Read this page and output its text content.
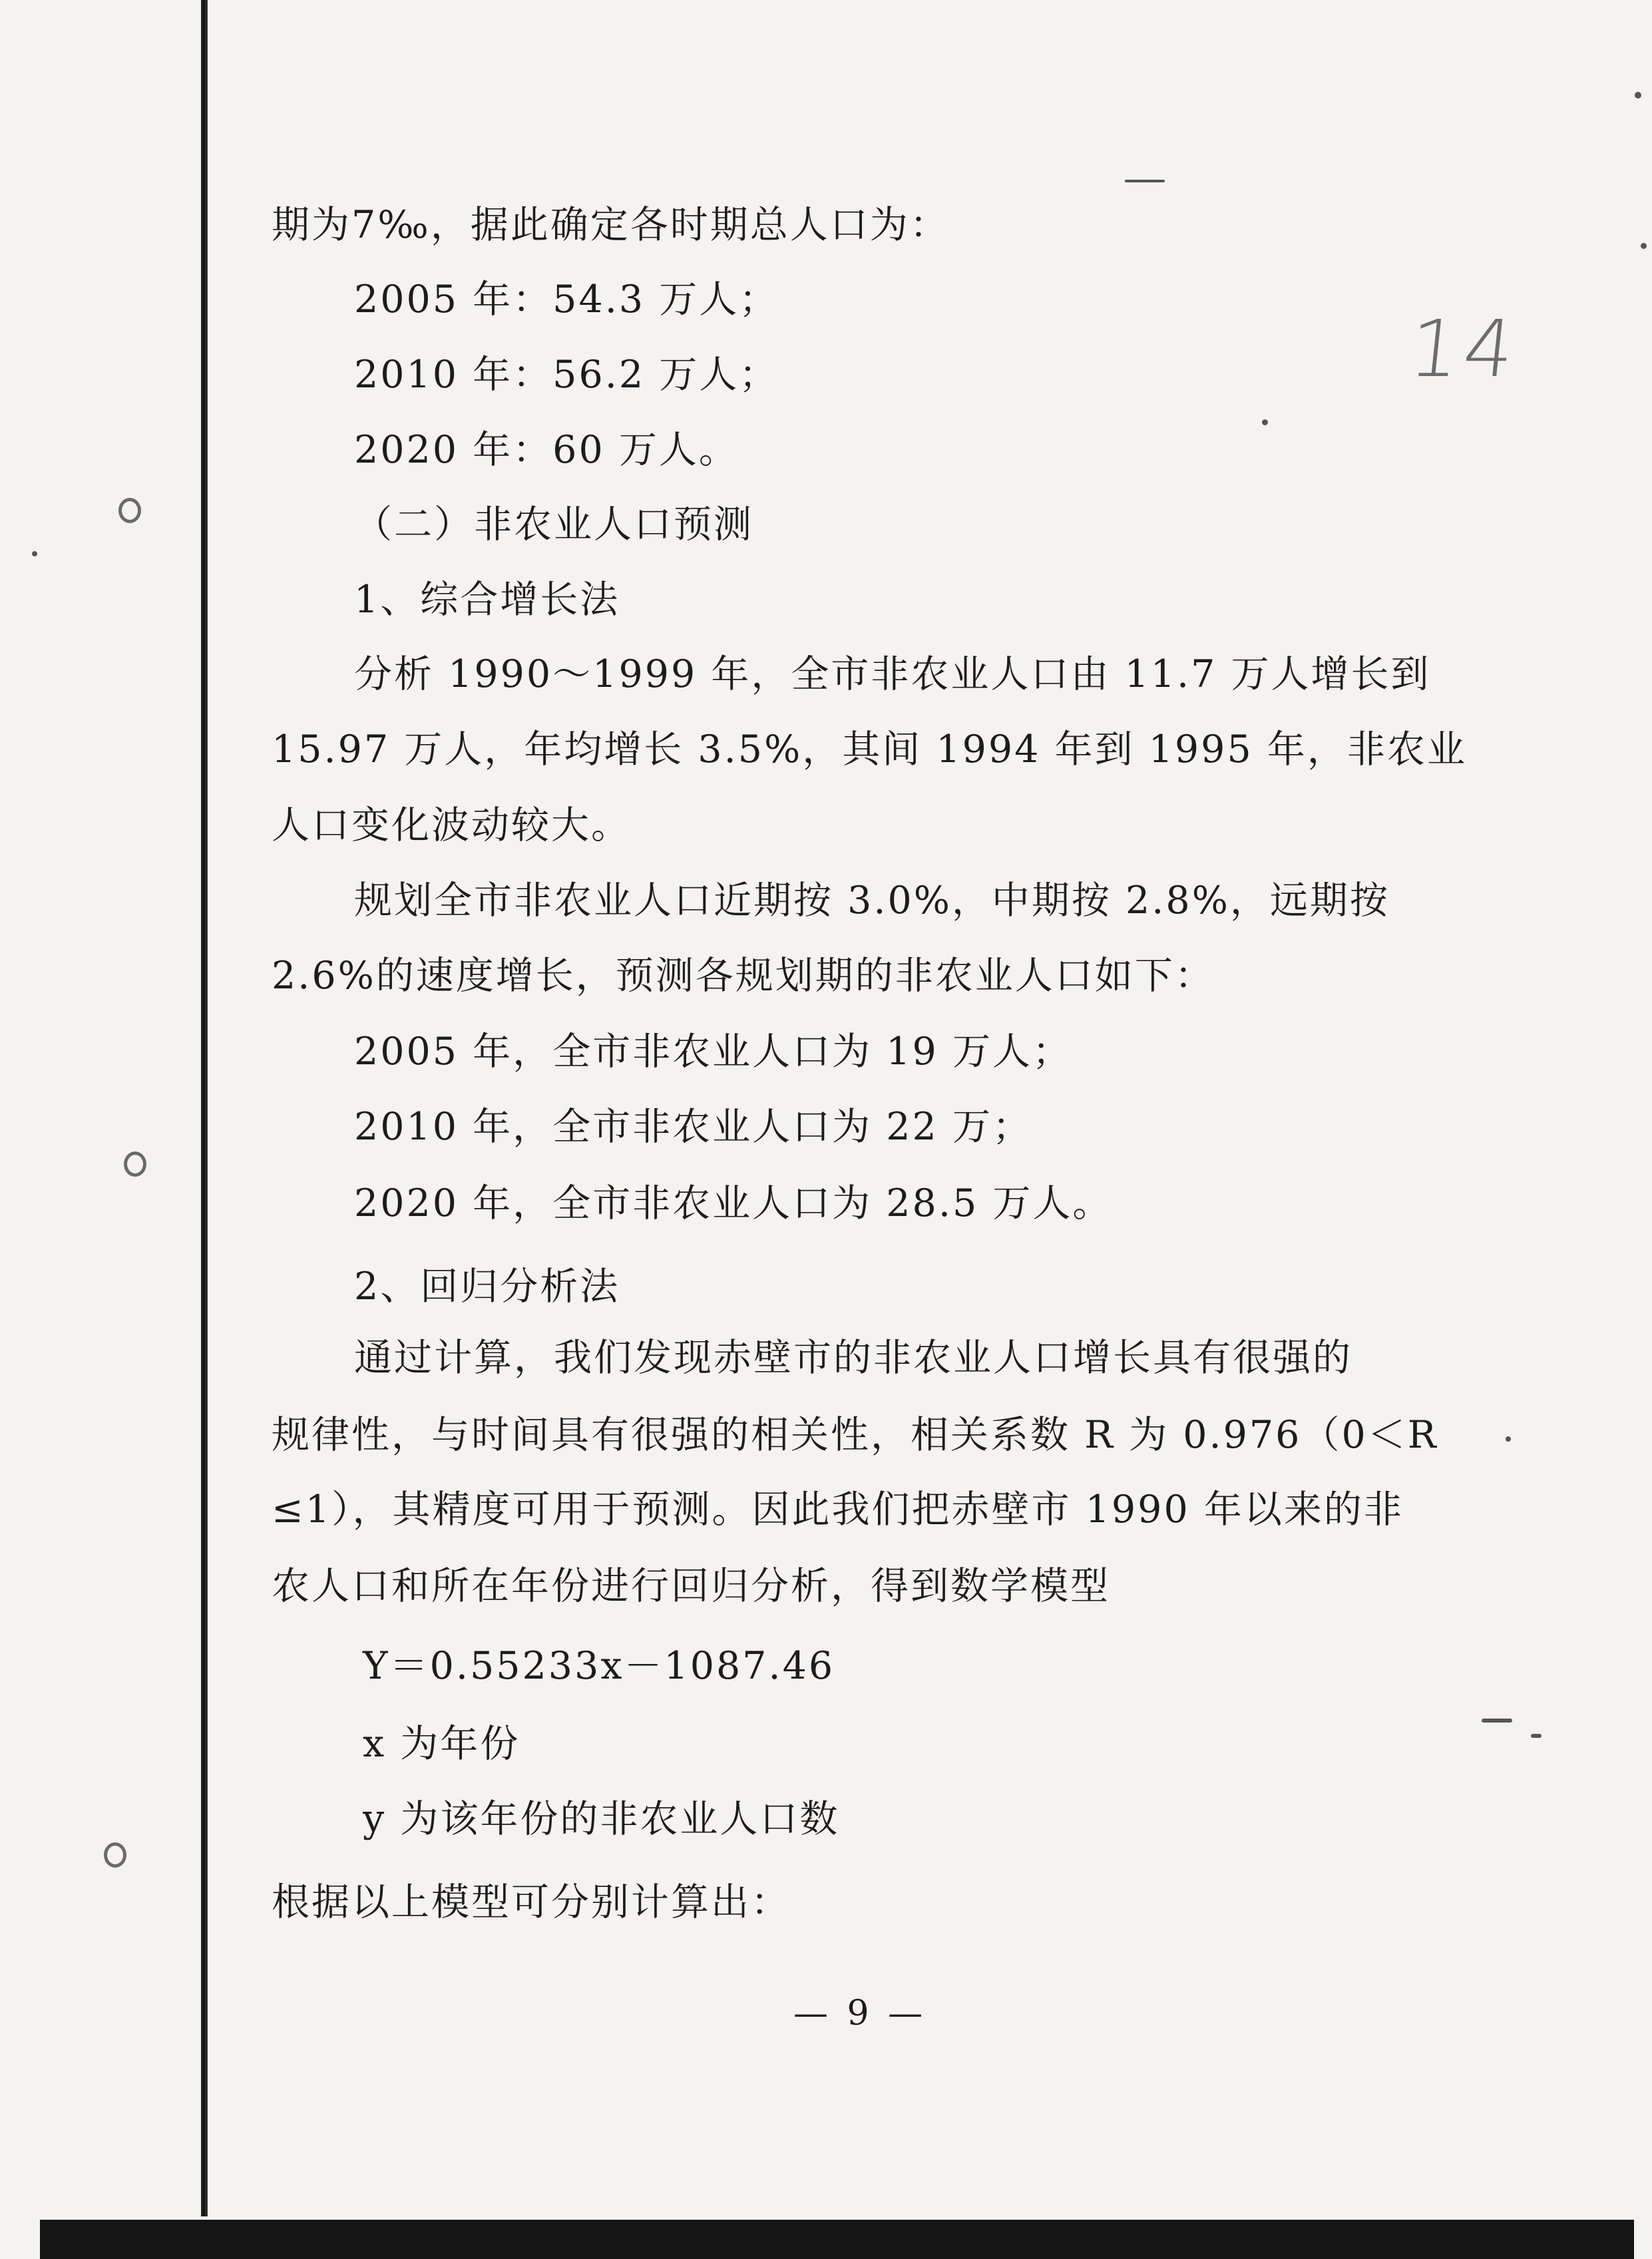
期为7‰，据此确定各时期总人口为：
2005 年：54.3 万人；
2010 年：56.2 万人；
2020 年：60 万人。
（二）非农业人口预测
1、综合增长法
分析 1990～1999 年，全市非农业人口由 11.7 万人增长到
15.97 万人，年均增长 3.5%，其间 1994 年到 1995 年，非农业
人口变化波动较大。
规划全市非农业人口近期按 3.0%，中期按 2.8%，远期按
2.6%的速度增长，预测各规划期的非农业人口如下：
2005 年，全市非农业人口为 19 万人；
2010 年，全市非农业人口为 22 万；
2020 年，全市非农业人口为 28.5 万人。
2、回归分析法
通过计算，我们发现赤壁市的非农业人口增长具有很强的
规律性，与时间具有很强的相关性，相关系数 R 为 0.976（0＜R
≤1），其精度可用于预测。因此我们把赤壁市 1990 年以来的非
农人口和所在年份进行回归分析，得到数学模型
Y＝0.55233x－1087.46
x 为年份
y 为该年份的非农业人口数
根据以上模型可分别计算出：
14
— 9 —
